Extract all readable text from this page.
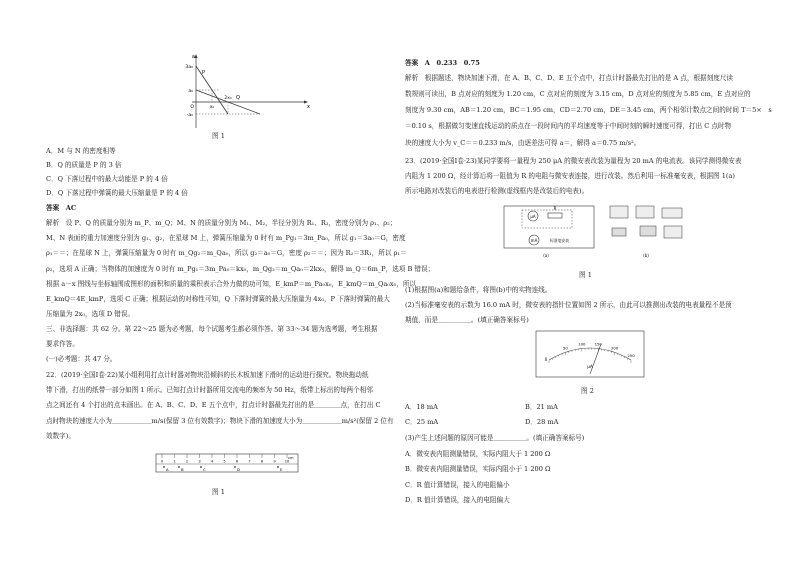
a
3a₀
a₀
-a₀
O	x₀
2x₀
x
P
Q
图 1
A．M 与 N 的密度相等
B．Q 的质量是 P 的 3 倍
C．Q 下落过程中的最大动能是 P 的 4 倍
D．Q 下落过程中弹簧的最大压缩量是 P 的 4 倍
答案　AC
解析　设 P、Q 的质量分别为 m_P、m_Q；M、N 的质量分别为 M₁、M₂，半径分别为 R₁、R₂，密度分别为 ρ₁、ρ₂；
M、N 表面的重力加速度分别为 g₁、g₂，在星球 M 上，弹簧压缩量为 0 时有 m_Pg₁＝3m_Pa₀，所以 g₁＝3a₀＝G，密度
ρ₁＝＝；在星球 N 上，弹簧压缩量为 0 时有 m_Qg₂＝m_Qa₀，所以 g₂＝a₀＝G，密度 ρ₂＝＝；因为 R₂＝3R₁，所以 ρ₁＝
ρ₂，选项 A 正确；当物体的加速度为 0 时有 m_Pg₁＝3m_Pa₀＝kx₀，m_Qg₂＝m_Qa₀＝2kx₀，解得 m_Q＝6m_P，选项 B 错误；
根据 a－x 图线与坐标轴围成图形的面积和质量的乘积表示合外力做的功可知，E_kmP＝m_Pa₀x₀，E_kmQ＝m_Qa₀x₀，所以
E_kmQ＝4E_kmP，选项 C 正确；根据运动的对称性可知，Q 下落时弹簧的最大压缩量为 4x₀，P 下落时弹簧的最大
压缩量为 2x₀，选项 D 错误。
三、非选择题：共 62 分。第 22～25 题为必考题，每个试题考生都必须作答。第 33～34 题为选考题，考生根据
要求作答。
(一)必考题：共 47 分。
22．(2019·全国Ⅰ卷·22)某小组利用打点计时器对物块沿倾斜的长木板加速下滑时的运动进行探究。物块拖动纸
带下滑，打出的纸带一部分如图 1 所示。已知打点计时器所用交流电的频率为 50 Hz，纸带上标出的每两个相邻
点之间还有 4 个打出的点未画出。在 A、B、C、D、E 五个点中，打点计时器最先打出的是＿＿＿＿点，在打出 C
点时物块的速度大小为＿＿＿＿＿＿m/s(保留 3 位有效数字)；物块下滑的加速度大小为＿＿＿＿＿＿m/s²(保留 2 位有
效数字)。
0	1	2	3	4	5	6	7	8	9	10
A	B	C	D	E
cm
图 1
答案　A　0.233　0.75
解析　根据题述，物块加速下滑，在 A、B、C、D、E 五个点中，打点计时器最先打出的是 A 点，根据刻度尺读
数规则可读出，B 点对应的刻度为 1.20 cm，C 点对应的刻度为 3.15 cm，D 点对应的刻度为 5.85 cm，E 点对应的
刻度为 9.30 cm，AB＝1.20 cm，BC＝1.95 cm，CD＝2.70 cm，DE＝3.45 cm，两个相邻计数点之间的时间 T＝5×　s
＝0.10 s，根据做匀变速直线运动的质点在一段时间内的平均速度等于中间时刻的瞬时速度可得，打出 C 点时物
块的速度大小为 v_C＝＝0.233 m/s，由逐差法可得 a＝，解得 a＝0.75 m/s²。
23．(2019·全国Ⅰ卷·23)某同学要将一量程为 250 μA 的微安表改装为量程为 20 mA 的电流表。该同学测得微安表
内阻为 1 200 Ω，经计算后将一阻值为 R 的电阻与微安表连接，进行改装。然后利用一标准毫安表，根据图 1(a)
所示电路对改装后的电表进行检测(虚线框内是改装后的电表)。
μA
R
mA	标准毫安表
(a)	(b)
图 1
(1)根据图(a)和题给条件，将图(b)中的实物连线。
(2)当标准毫安表的示数为 16.0 mA 时，微安表的指针位置如图 2 所示，由此可以推测出改装的电表量程不是预
期值，而是＿＿＿＿＿。(填正确答案标号)
50
100 150
200
250
μA
0
图 2
A．18 mA	B．21 mA
C．25 mA	D．28 mA
(3)产生上述问题的原因可能是＿＿＿＿＿。(填正确答案标号)
A．微安表内阻测量错误，实际内阻大于 1 200 Ω
B．微安表内阻测量错误，实际内阻小于 1 200 Ω
C．R 值计算错误，接入的电阻偏小
D．R 值计算错误，接入的电阻偏大
